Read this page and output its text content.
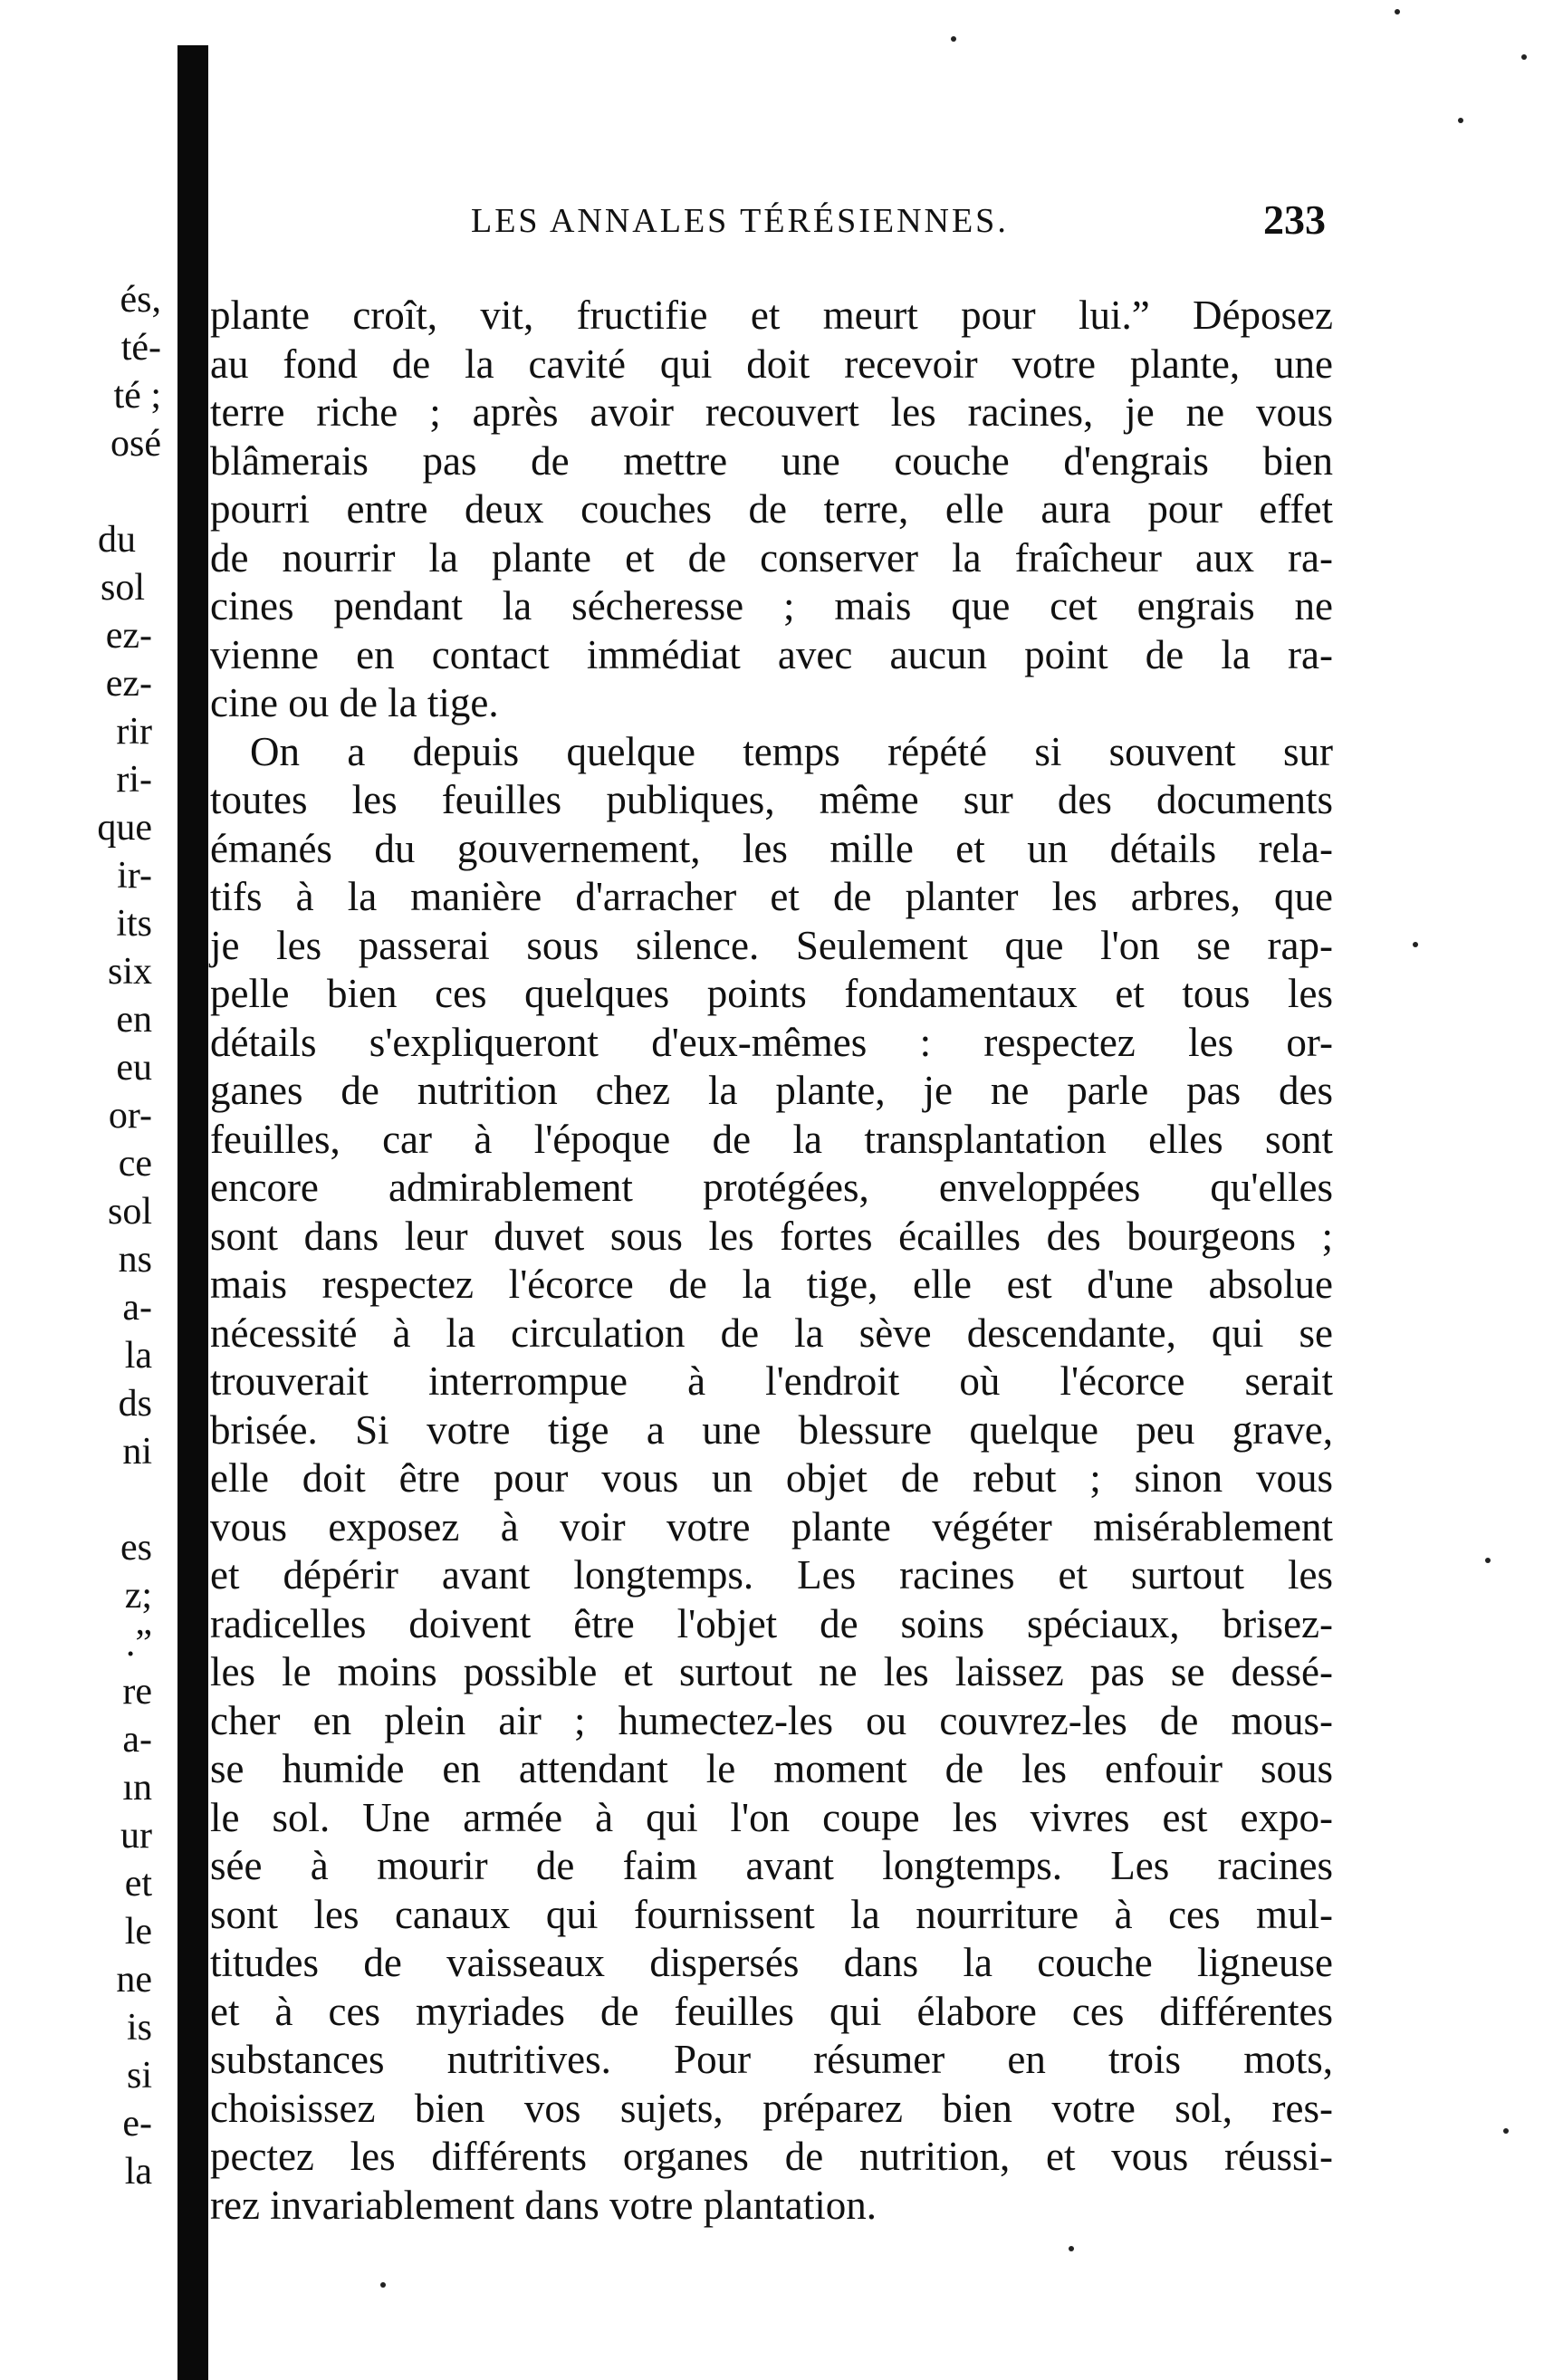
és,
té-
té ;
osé
du
sol
ez-
ez-
rir
ri-
que
ir-
its
six
en
eu
or-
ce
sol
ns
a-
la
ds
ni
es
z;
.”
re
a-
ın
ur
et
le
ne
is
si
e-
la
LES ANNALES TÉRÉSIENNES.	233
plante croît, vit, fructifie et meurt pour lui.” Déposez
au fond de la cavité qui doit recevoir votre plante, une
terre riche ; après avoir recouvert les racines, je ne vous
blâmerais pas de mettre une couche d'engrais bien
pourri entre deux couches de terre, elle aura pour effet
de nourrir la plante et de conserver la fraîcheur aux ra-
cines pendant la sécheresse ; mais que cet engrais ne
vienne en contact immédiat avec aucun point de la ra-
cine ou de la tige.
On a depuis quelque temps répété si souvent sur
toutes les feuilles publiques, même sur des documents
émanés du gouvernement, les mille et un détails rela-
tifs à la manière d'arracher et de planter les arbres, que
je les passerai sous silence. Seulement que l'on se rap-
pelle bien ces quelques points fondamentaux et tous les
détails s'expliqueront d'eux-mêmes : respectez les or-
ganes de nutrition chez la plante, je ne parle pas des
feuilles, car à l'époque de la transplantation elles sont
encore admirablement protégées, enveloppées qu'elles
sont dans leur duvet sous les fortes écailles des bourgeons ;
mais respectez l'écorce de la tige, elle est d'une absolue
nécessité à la circulation de la sève descendante, qui se
trouverait interrompue à l'endroit où l'écorce serait
brisée. Si votre tige a une blessure quelque peu grave,
elle doit être pour vous un objet de rebut ; sinon vous
vous exposez à voir votre plante végéter misérablement
et dépérir avant longtemps. Les racines et surtout les
radicelles doivent être l'objet de soins spéciaux, brisez-
les le moins possible et surtout ne les laissez pas se dessé-
cher en plein air ; humectez-les ou couvrez-les de mous-
se humide en attendant le moment de les enfouir sous
le sol. Une armée à qui l'on coupe les vivres est expo-
sée à mourir de faim avant longtemps. Les racines
sont les canaux qui fournissent la nourriture à ces mul-
titudes de vaisseaux dispersés dans la couche ligneuse
et à ces myriades de feuilles qui élabore ces différentes
substances nutritives. Pour résumer en trois mots,
choisissez bien vos sujets, préparez bien votre sol, res-
pectez les différents organes de nutrition, et vous réussi-
rez invariablement dans votre plantation.
